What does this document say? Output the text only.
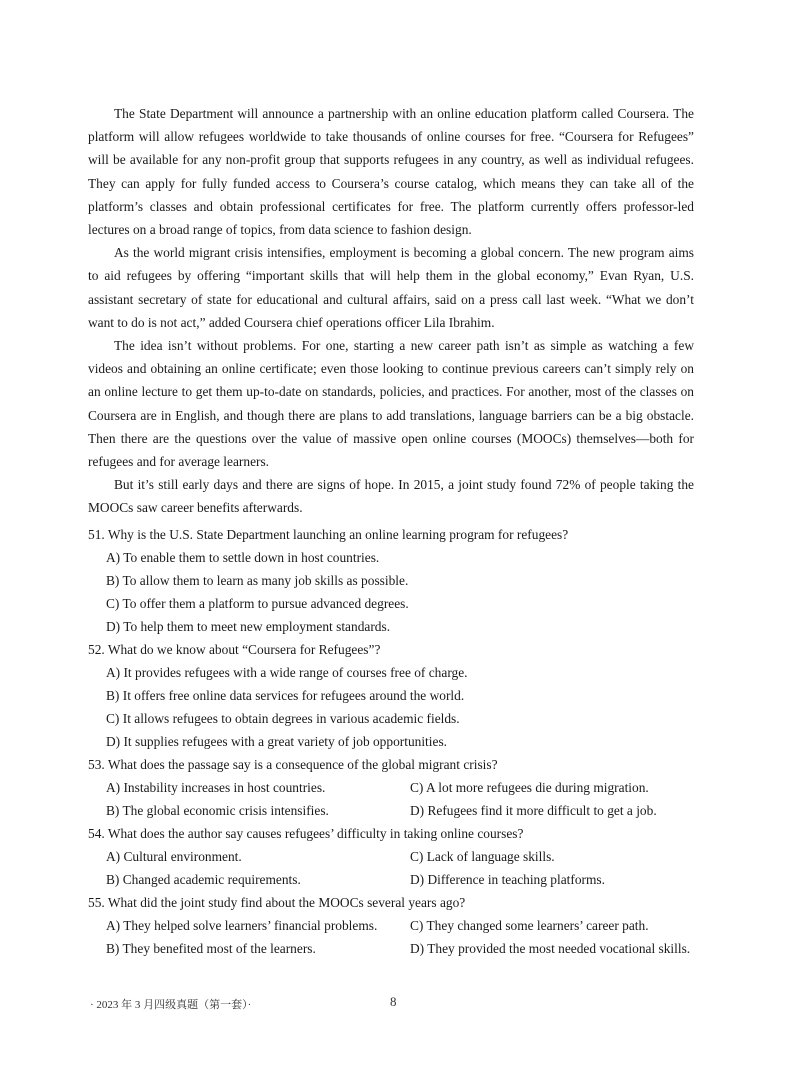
The State Department will announce a partnership with an online education platform called Coursera. The platform will allow refugees worldwide to take thousands of online courses for free. “Coursera for Refugees” will be available for any non-profit group that supports refugees in any country, as well as individual refugees. They can apply for fully funded access to Coursera’s course catalog, which means they can take all of the platform’s classes and obtain professional certificates for free. The platform currently offers professor-led lectures on a broad range of topics, from data science to fashion design.

As the world migrant crisis intensifies, employment is becoming a global concern. The new program aims to aid refugees by offering “important skills that will help them in the global economy,” Evan Ryan, U.S. assistant secretary of state for educational and cultural affairs, said on a press call last week. “What we don’t want to do is not act,” added Coursera chief operations officer Lila Ibrahim.

The idea isn’t without problems. For one, starting a new career path isn’t as simple as watching a few videos and obtaining an online certificate; even those looking to continue previous careers can’t simply rely on an online lecture to get them up-to-date on standards, policies, and practices. For another, most of the classes on Coursera are in English, and though there are plans to add translations, language barriers can be a big obstacle. Then there are the questions over the value of massive open online courses (MOOCs) themselves—both for refugees and for average learners.

But it’s still early days and there are signs of hope. In 2015, a joint study found 72% of people taking the MOOCs saw career benefits afterwards.

51. Why is the U.S. State Department launching an online learning program for refugees?

A) To enable them to settle down in host countries.

B) To allow them to learn as many job skills as possible.

C) To offer them a platform to pursue advanced degrees.

D) To help them to meet new employment standards.

52. What do we know about “Coursera for Refugees”?

A) It provides refugees with a wide range of courses free of charge.

B) It offers free online data services for refugees around the world.

C) It allows refugees to obtain degrees in various academic fields.

D) It supplies refugees with a great variety of job opportunities.

53. What does the passage say is a consequence of the global migrant crisis?

A) Instability increases in host countries.	C) A lot more refugees die during migration.

B) The global economic crisis intensifies.	D) Refugees find it more difficult to get a job.

54. What does the author say causes refugees’ difficulty in taking online courses?

A) Cultural environment.	C) Lack of language skills.

B) Changed academic requirements.	D) Difference in teaching platforms.

55. What did the joint study find about the MOOCs several years ago?

A) They helped solve learners’ financial problems.	C) They changed some learners’ career path.

B) They benefited most of the learners.	D) They provided the most needed vocational skills.

· 2023 年 3 月四级真题（第一套）·	8
